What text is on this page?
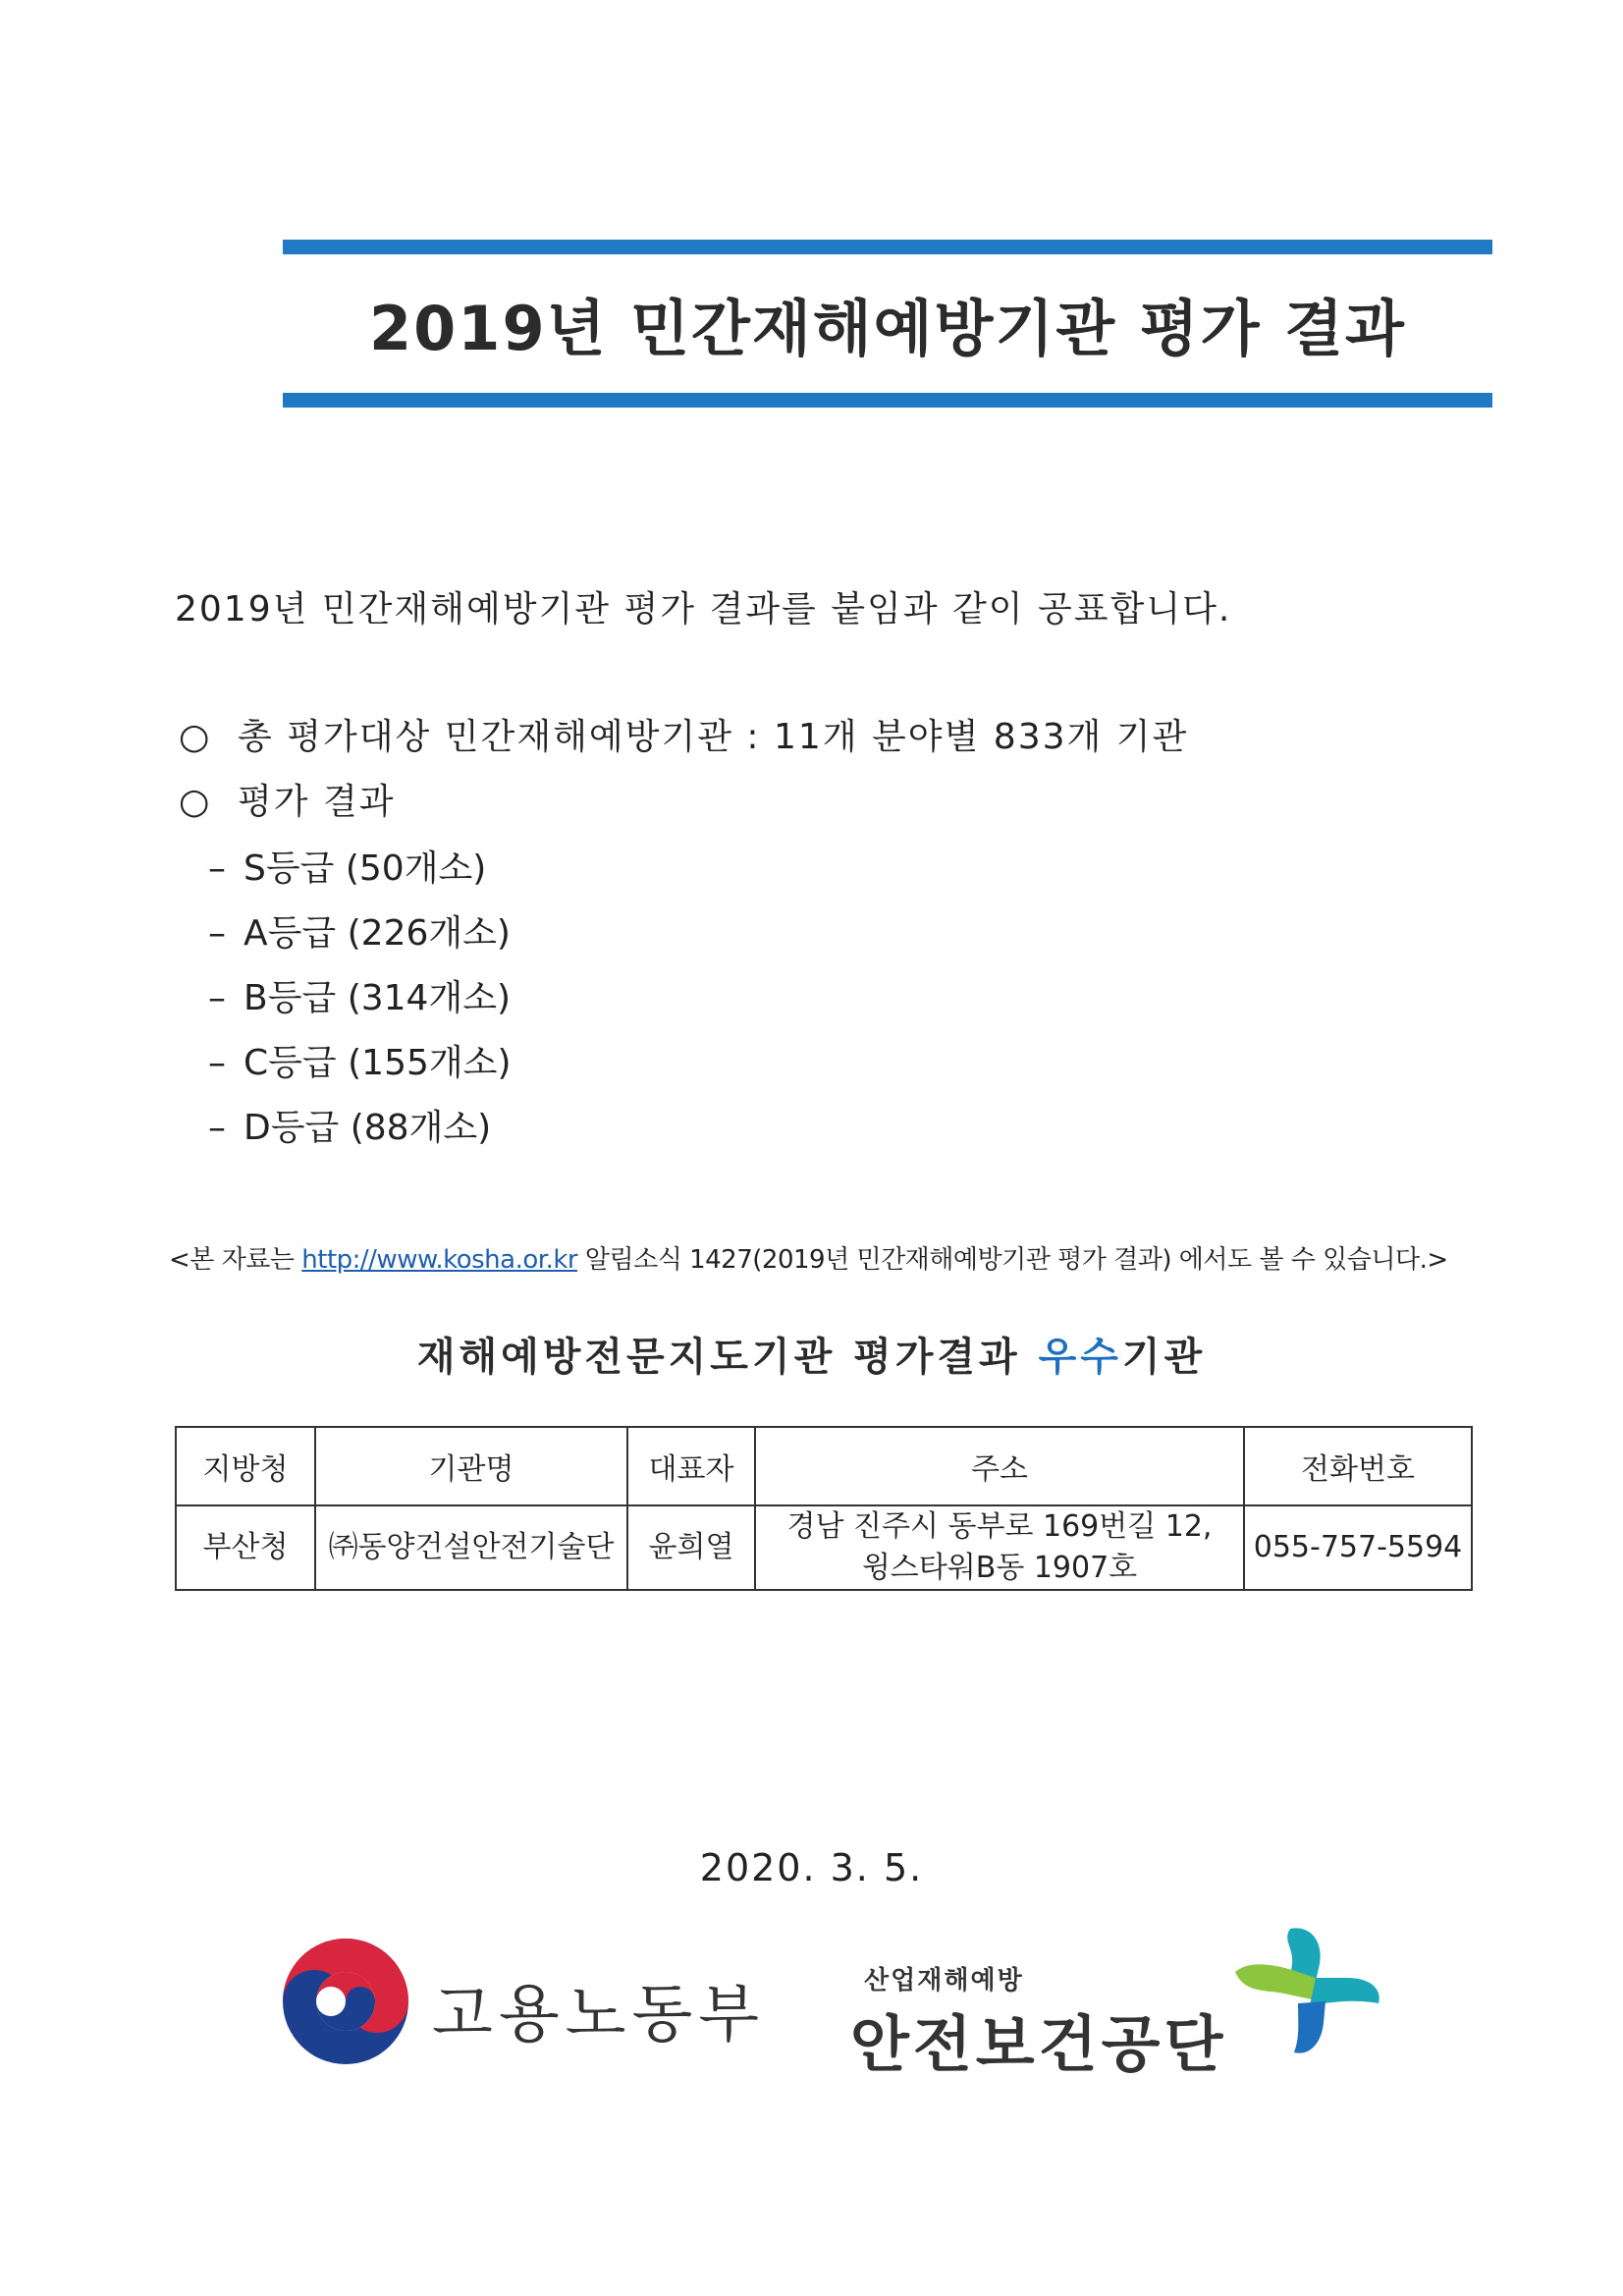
2019년 민간재해예방기관 평가 결과
2019년 민간재해예방기관 평가 결과를 붙임과 같이 공표합니다.
○ 총 평가대상 민간재해예방기관 : 11개 분야별 833개 기관
○ 평가 결과
– S등급 (50개소)
– A등급 (226개소)
– B등급 (314개소)
– C등급 (155개소)
– D등급 (88개소)
<본 자료는 http://www.kosha.or.kr 알림소식 1427(2019년 민간재해예방기관 평가 결과) 에서도 볼 수 있습니다.>
재해예방전문지도기관 평가결과 우수기관
지방청	기관명	대표자	주소	전화번호
부산청	㈜동양건설안전기술단	윤희열	경남 진주시 동부로 169번길 12,
윙스타워B동 1907호	055-757-5594
2020. 3. 5.
고용노동부	산업재해예방
안전보건공단
